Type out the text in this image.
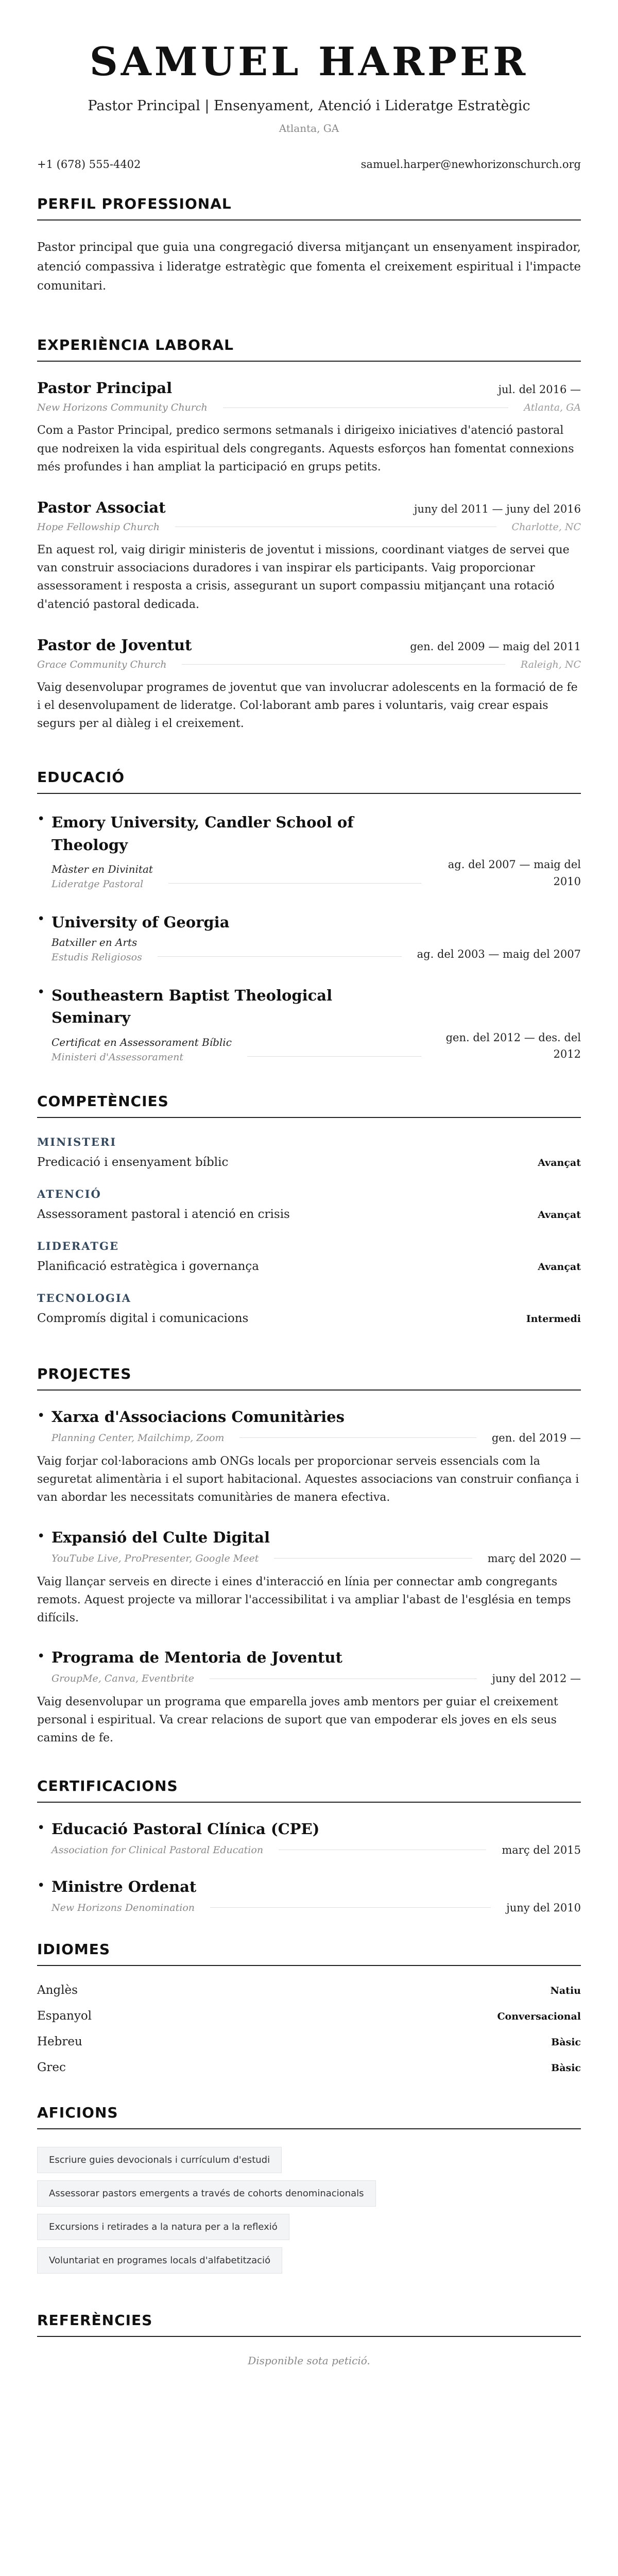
SAMUEL HARPER
Pastor Principal | Ensenyament, Atenció i Lideratge Estratègic
Atlanta, GA
+1 (678) 555-4402	samuel.harper@newhorizonschurch.org
PERFIL PROFESSIONAL

Pastor principal que guia una congregació diversa mitjançant un ensenyament inspirador, atenció compassiva i lideratge estratègic que fomenta el creixement espiritual i l'impacte comunitari.

EXPERIÈNCIA LABORAL
Pastor Principal	jul. del 2016 —
New Horizons Community Church	Atlanta, GA

Com a Pastor Principal, predico sermons setmanals i dirigeixo iniciatives d'atenció pastoral que nodreixen la vida espiritual dels congregants. Aquests esforços han fomentat connexions més profundes i han ampliat la participació en grups petits.

Pastor Associat	juny del 2011 — juny del 2016
Hope Fellowship Church	Charlotte, NC

En aquest rol, vaig dirigir ministeris de joventut i missions, coordinant viatges de servei que van construir associacions duradores i van inspirar els participants. Vaig proporcionar assessorament i resposta a crisis, assegurant un suport compassiu mitjançant una rotació d'atenció pastoral dedicada.

Pastor de Joventut	gen. del 2009 — maig del 2011
Grace Community Church	Raleigh, NC

Vaig desenvolupar programes de joventut que van involucrar adolescents en la formació de fe i el desenvolupament de lideratge. Col·laborant amb pares i voluntaris, vaig crear espais segurs per al diàleg i el creixement.

EDUCACIÓ
• Emory University, Candler School of Theology
Màster en Divinitat
Lideratge Pastoral
ag. del 2007 — maig del 2010
• University of Georgia
Batxiller en Arts
Estudis Religiosos	ag. del 2003 — maig del 2007
• Southeastern Baptist Theological Seminary
Certificat en Assessorament Bíblic
Ministeri d'Assessorament
gen. del 2012 — des. del 2012
COMPETÈNCIES
MINISTERI
Predicació i ensenyament bíblic	Avançat
ATENCIÓ
Assessorament pastoral i atenció en crisis	Avançat
LIDERATGE
Planificació estratègica i governança	Avançat
TECNOLOGIA
Compromís digital i comunicacions	Intermedi
PROJECTES
• Xarxa d'Associacions Comunitàries
Planning Center, Mailchimp, Zoom	gen. del 2019 —

Vaig forjar col·laboracions amb ONGs locals per proporcionar serveis essencials com la seguretat alimentària i el suport habitacional. Aquestes associacions van construir confiança i van abordar les necessitats comunitàries de manera efectiva.

• Expansió del Culte Digital
YouTube Live, ProPresenter, Google Meet	març del 2020 —

Vaig llançar serveis en directe i eines d'interacció en línia per connectar amb congregants remots. Aquest projecte va millorar l'accessibilitat i va ampliar l'abast de l'església en temps difícils.

• Programa de Mentoria de Joventut
GroupMe, Canva, Eventbrite	juny del 2012 —

Vaig desenvolupar un programa que emparella joves amb mentors per guiar el creixement personal i espiritual. Va crear relacions de suport que van empoderar els joves en els seus camins de fe.

CERTIFICACIONS
• Educació Pastoral Clínica (CPE)
Association for Clinical Pastoral Education	març del 2015
• Ministre Ordenat
New Horizons Denomination	juny del 2010
IDIOMES
Anglès	Natiu
Espanyol	Conversacional
Hebreu	Bàsic
Grec	Bàsic
AFICIONS
Escriure guies devocionals i currículum d'estudi
Assessorar pastors emergents a través de cohorts denominacionals
Excursions i retirades a la natura per a la reflexió
Voluntariat en programes locals d'alfabetització
REFERÈNCIES

Disponible sota petició.
